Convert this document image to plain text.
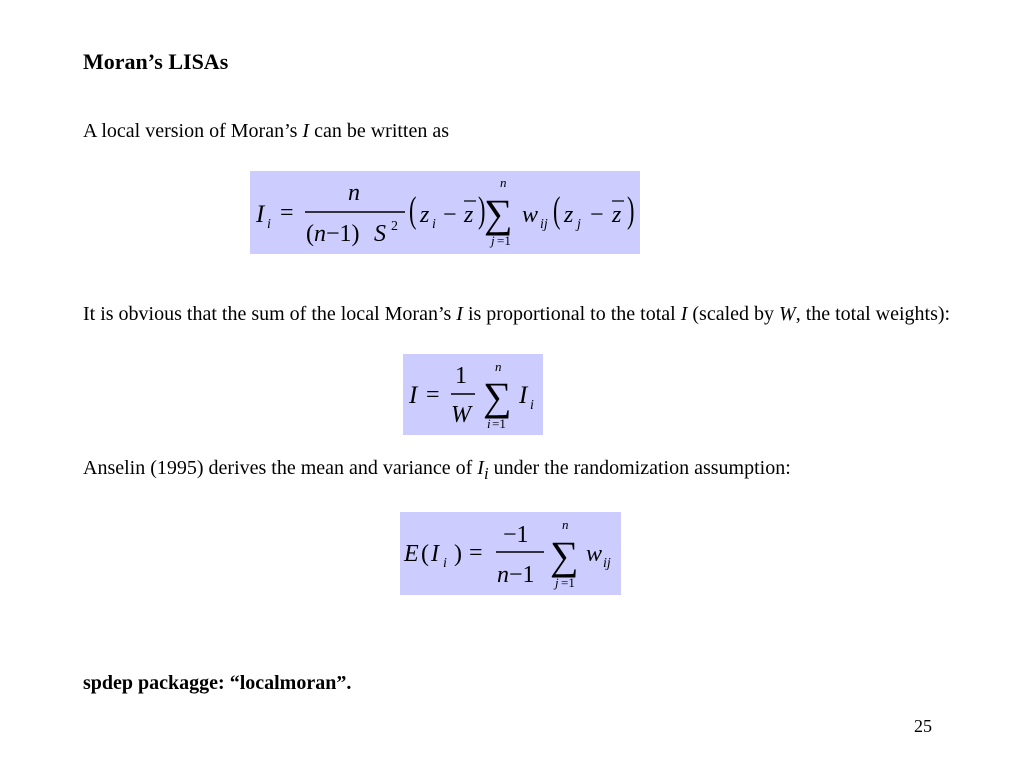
Moran’s LISAs
A local version of Moran’s I can be written as
I i =
n
( n −1) S 2 ( z i − z )
n
∑
j =1
w ij ( z j − z )
It is obvious that the sum of the local Moran’s I is proportional to the total I (scaled by W, the total weights):
I =
1
W
n
∑
i =1
I i
Anselin (1995) derives the mean and variance of $I_i$ under the randomization assumption:
E ( I i ) =
−1
n −1
n
∑
j =1
w ij
spdep packagge: “localmoran”.
25
